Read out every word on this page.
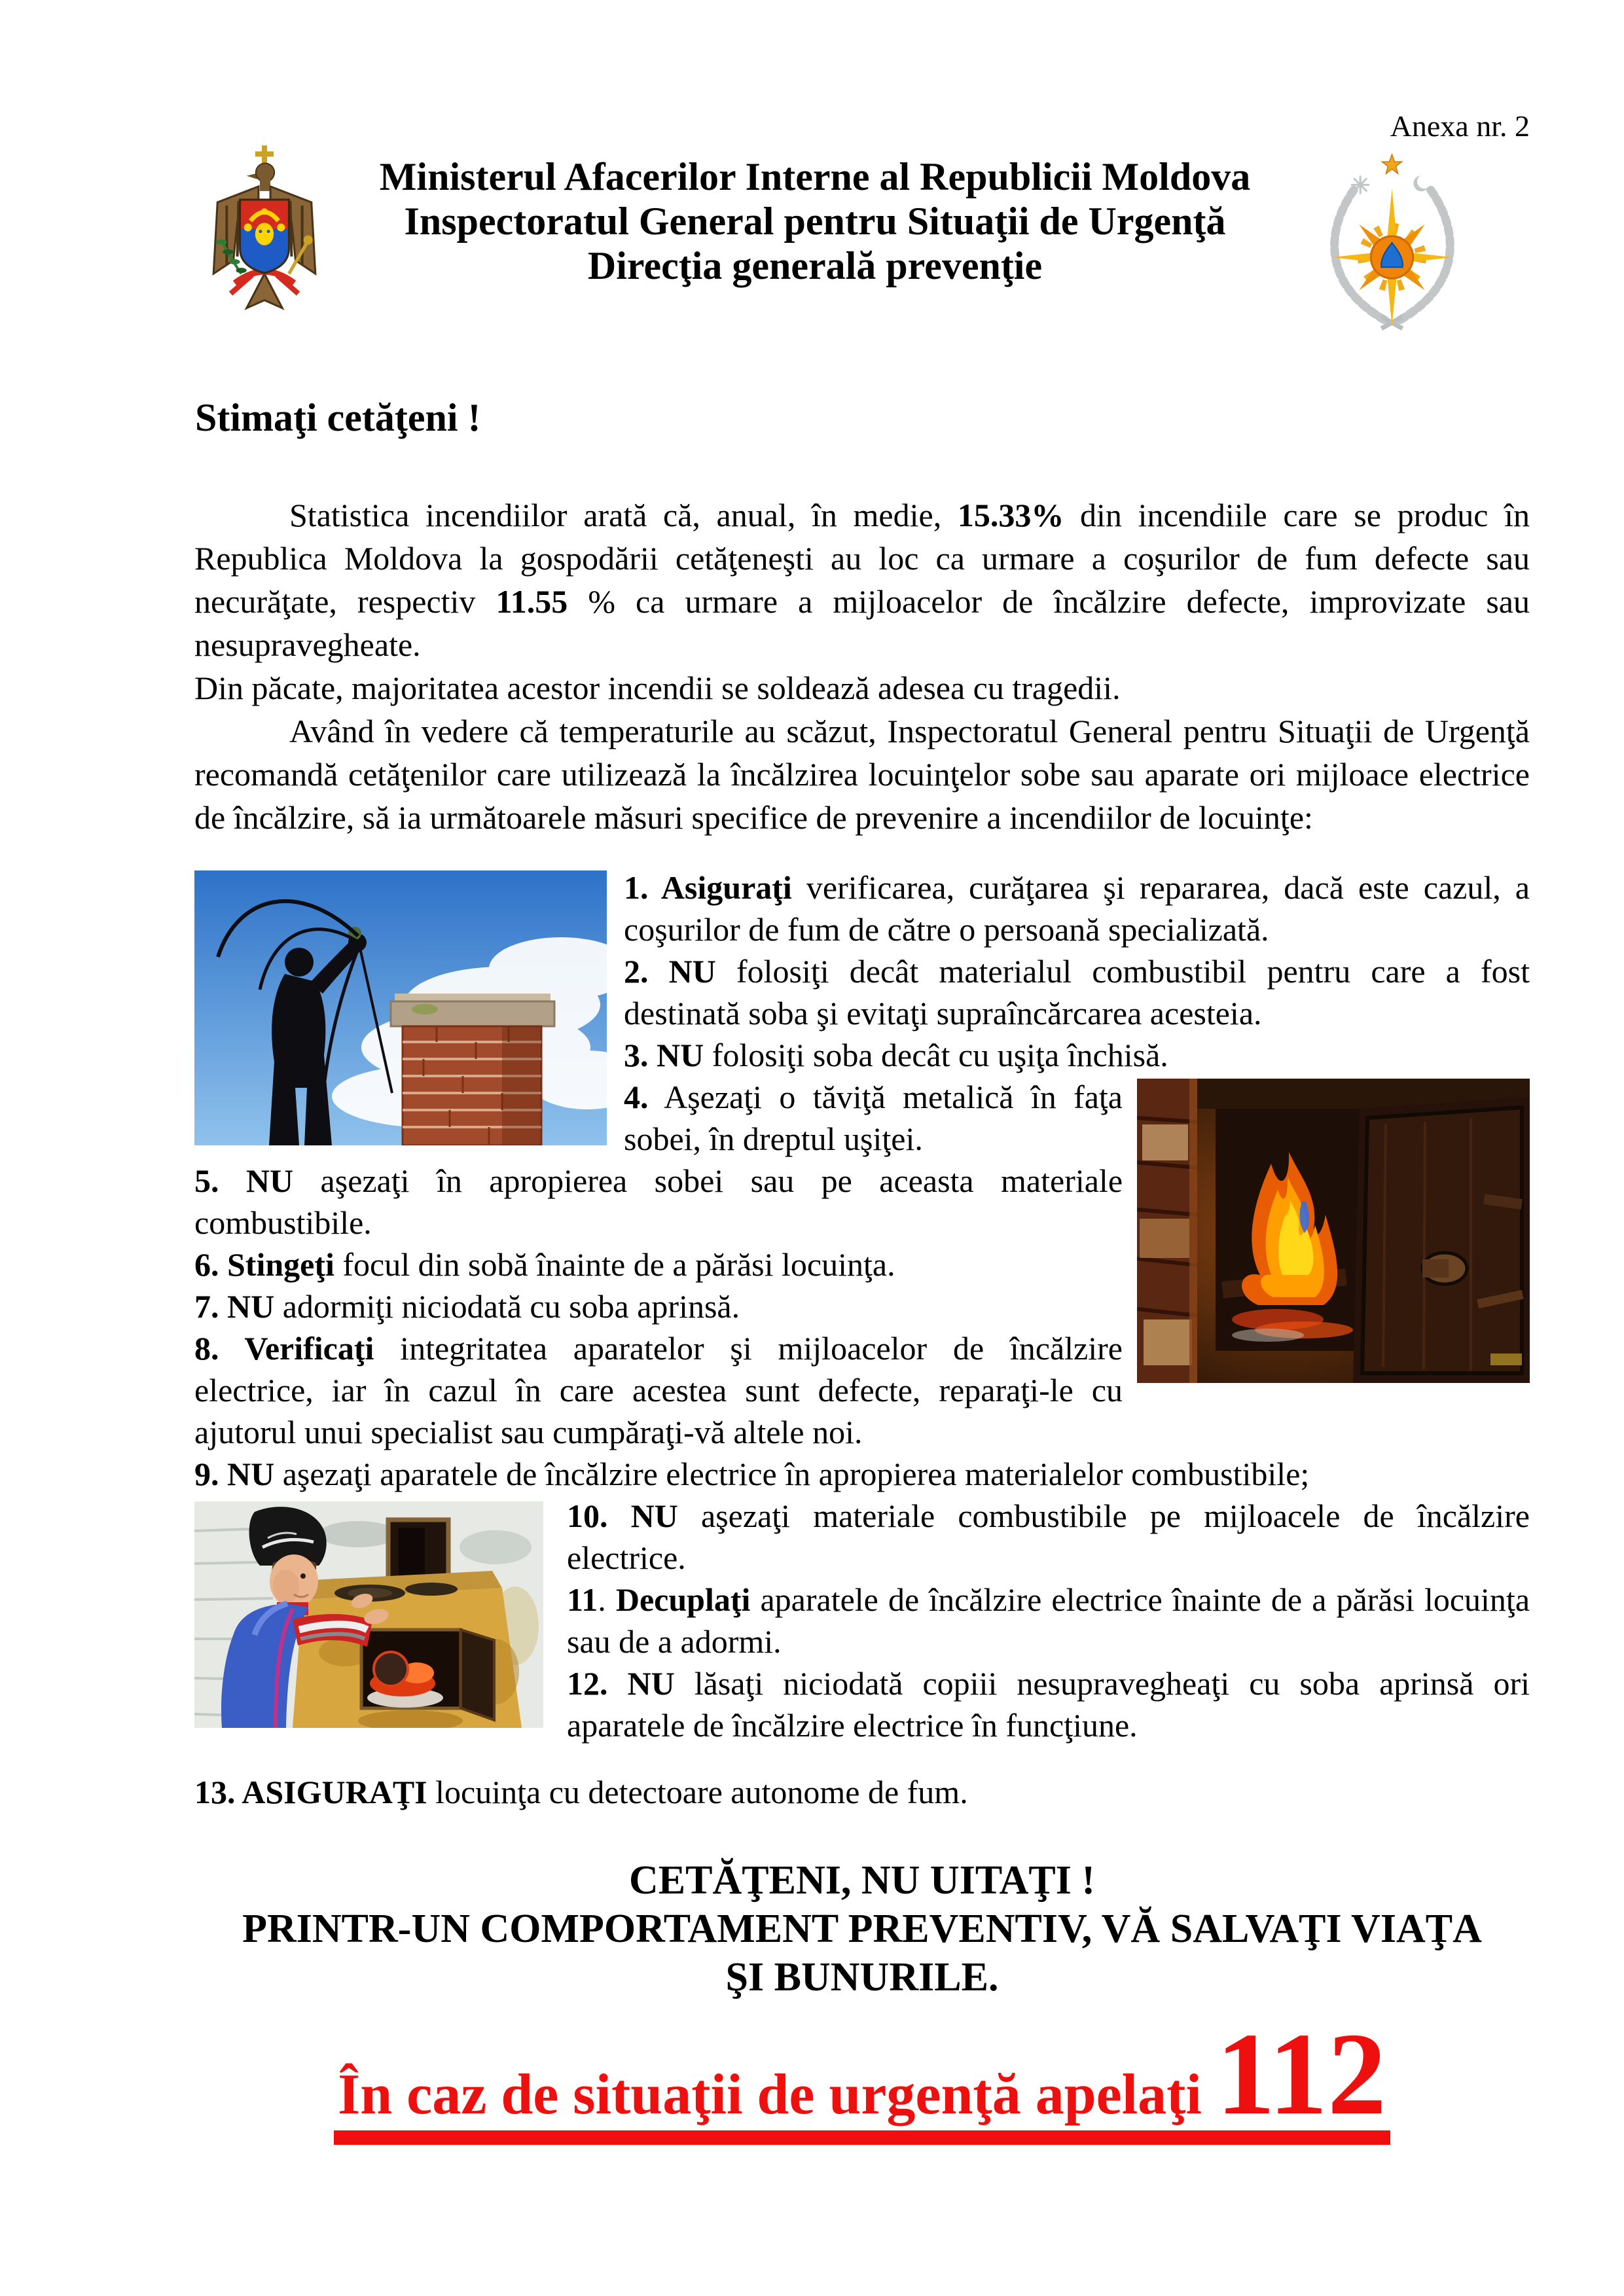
Anexa nr. 2
Ministerul Afacerilor Interne al Republicii Moldova
Inspectoratul General pentru Situaţii de Urgenţă
Direcţia generală prevenţie
Stimaţi cetăţeni !

Statistica incendiilor arată că, anual, în medie, 15.33% din incendiile care se produc în Republica Moldova la gospodării cetăţeneşti au loc ca urmare a coşurilor de fum defecte sau necurăţate, respectiv 11.55 % ca urmare a mijloacelor de încălzire defecte, improvizate sau nesupravegheate.

Din păcate, majoritatea acestor incendii se soldează adesea cu tragedii.

Având în vedere că temperaturile au scăzut, Inspectoratul General pentru Situaţii de Urgenţă recomandă cetăţenilor care utilizează la încălzirea locuinţelor sobe sau aparate ori mijloace electrice de încălzire, să ia următoarele măsuri specifice de prevenire a incendiilor de locuinţe:

1. Asiguraţi verificarea, curăţarea şi repararea, dacă este cazul, a coşurilor de fum de către o persoană specializată.

2. NU folosiţi decât materialul combustibil pentru care a fost destinată soba şi evitaţi supraîncărcarea acesteia.

3. NU folosiţi soba decât cu uşiţa închisă.

4. Aşezaţi o tăviţă metalică în faţa sobei, în dreptul uşiţei.

5. NU aşezaţi în apropierea sobei sau pe aceasta materiale combustibile.

6. Stingeţi focul din sobă înainte de a părăsi locuinţa.

7. NU adormiţi niciodată cu soba aprinsă.

8. Verificaţi integritatea aparatelor şi mijloacelor de încălzire electrice, iar în cazul în care acestea sunt defecte, reparaţi-le cu ajutorul unui specialist sau cumpăraţi-vă altele noi.

9. NU aşezaţi aparatele de încălzire electrice în apropierea materialelor combustibile;

10. NU aşezaţi materiale combustibile pe mijloacele de încălzire electrice.

11. Decuplaţi aparatele de încălzire electrice înainte de a părăsi locuinţa sau de a adormi.

12. NU lăsaţi niciodată copiii nesupravegheaţi cu soba aprinsă ori aparatele de încălzire electrice în funcţiune.

13. ASIGURAŢI locuinţa cu detectoare autonome de fum.

CETĂŢENI, NU UITAŢI !
PRINTR-UN COMPORTAMENT PREVENTIV, VĂ SALVAŢI VIAŢA
ŞI BUNURILE.
În caz de situaţii de urgenţă apelaţi 112
